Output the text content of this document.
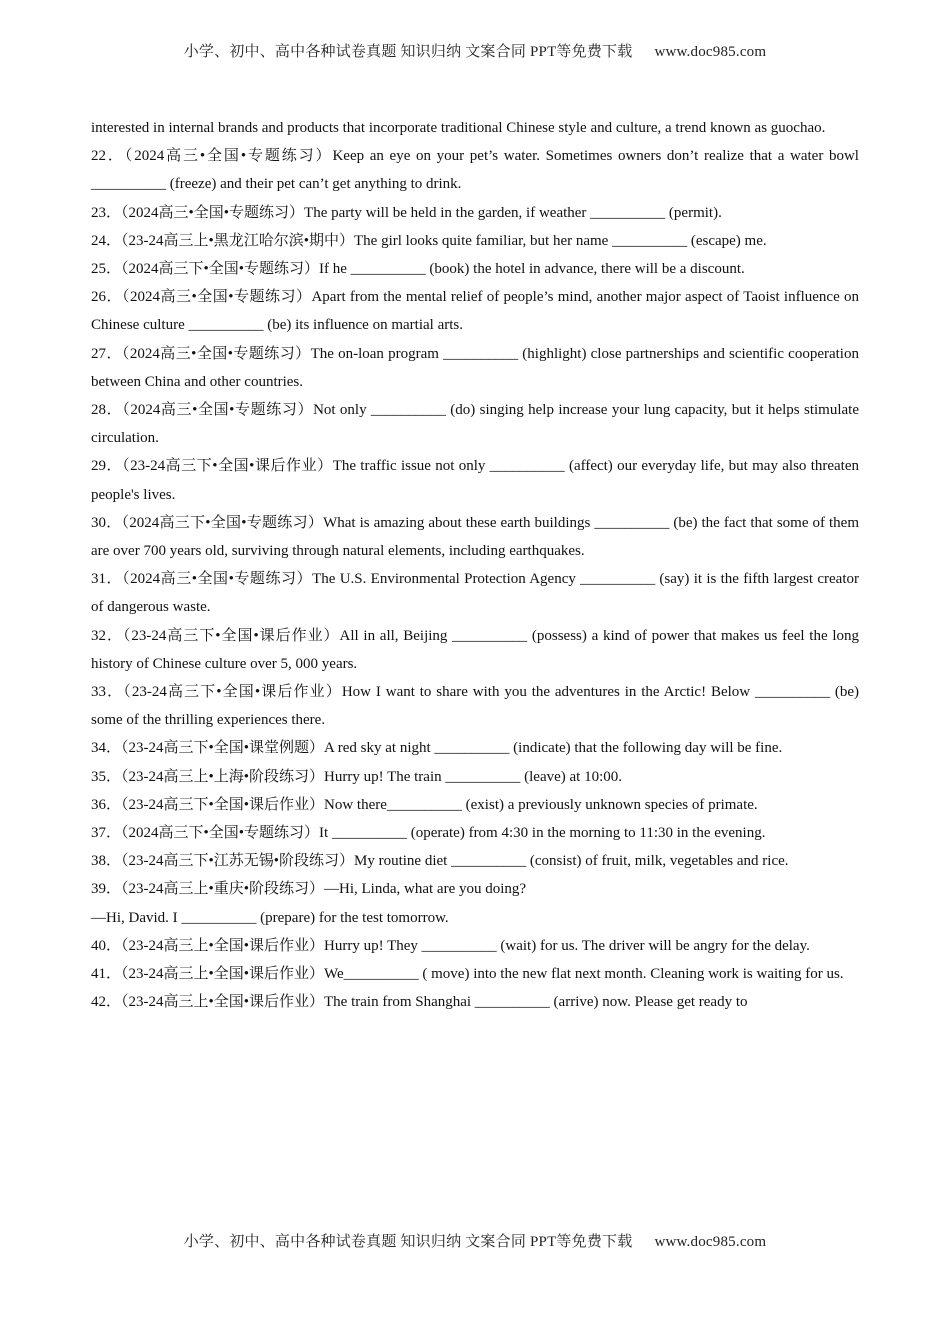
小学、初中、高中各种试卷真题 知识归纳 文案合同 PPT等免费下载 www.doc985.com

interested in internal brands and products that incorporate traditional Chinese style and culture, a trend known as guochao.

22．（2024高三•全国•专题练习）Keep an eye on your pet’s water. Sometimes owners don’t realize that a water bowl __________ (freeze) and their pet can’t get anything to drink.

23．（2024高三•全国•专题练习）The party will be held in the garden, if weather __________ (permit).

24．（23-24高三上•黑龙江哈尔滨•期中）The girl looks quite familiar, but her name __________ (escape) me.

25．（2024高三下•全国•专题练习）If he __________ (book) the hotel in advance, there will be a discount.

26．（2024高三•全国•专题练习）Apart from the mental relief of people’s mind, another major aspect of Taoist influence on Chinese culture __________ (be) its influence on martial arts.

27．（2024高三•全国•专题练习）The on-loan program __________ (highlight) close partnerships and scientific cooperation between China and other countries.

28．（2024高三•全国•专题练习）Not only __________ (do) singing help increase your lung capacity, but it helps stimulate circulation.

29．（23-24高三下•全国•课后作业）The traffic issue not only __________ (affect) our everyday life, but may also threaten people's lives.

30．（2024高三下•全国•专题练习）What is amazing about these earth buildings __________ (be) the fact that some of them are over 700 years old, surviving through natural elements, including earthquakes.

31．（2024高三•全国•专题练习）The U.S. Environmental Protection Agency __________ (say) it is the fifth largest creator of dangerous waste.

32．（23-24高三下•全国•课后作业）All in all, Beijing __________ (possess) a kind of power that makes us feel the long history of Chinese culture over 5, 000 years.

33．（23-24高三下•全国•课后作业）How I want to share with you the adventures in the Arctic! Below __________ (be) some of the thrilling experiences there.

34．（23-24高三下•全国•课堂例题）A red sky at night __________ (indicate) that the following day will be fine.

35．（23-24高三上•上海•阶段练习）Hurry up! The train __________ (leave) at 10:00.

36．（23-24高三下•全国•课后作业）Now there__________ (exist) a previously unknown species of primate.

37．（2024高三下•全国•专题练习）It __________ (operate) from 4:30 in the morning to 11:30 in the evening.

38．（23-24高三下•江苏无锡•阶段练习）My routine diet __________ (consist) of fruit, milk, vegetables and rice.

39．（23-24高三上•重庆•阶段练习）—Hi, Linda, what are you doing?

—Hi, David. I __________ (prepare) for the test tomorrow.

40．（23-24高三上•全国•课后作业）Hurry up! They __________ (wait) for us. The driver will be angry for the delay.

41．（23-24高三上•全国•课后作业）We__________ ( move) into the new flat next month. Cleaning work is waiting for us.

42．（23-24高三上•全国•课后作业）The train from Shanghai __________ (arrive) now. Please get ready to

小学、初中、高中各种试卷真题 知识归纳 文案合同 PPT等免费下载 www.doc985.com
